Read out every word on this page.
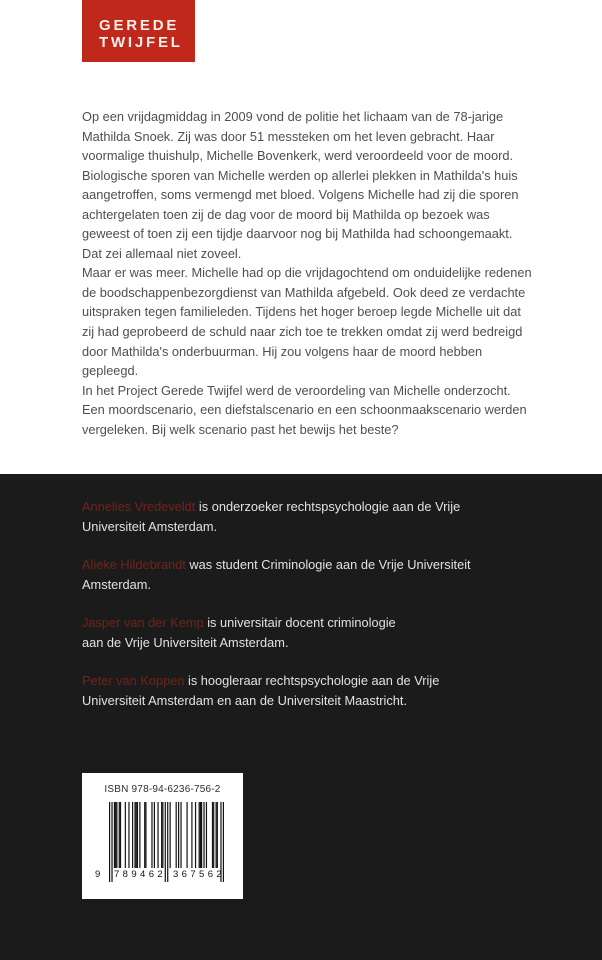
GEREDE
TWIJFEL
Op een vrijdagmiddag in 2009 vond de politie het lichaam van de 78-jarige
Mathilda Snoek. Zij was door 51 messteken om het leven gebracht. Haar
voormalige thuishulp, Michelle Bovenkerk, werd veroordeeld voor de moord.
Biologische sporen van Michelle werden op allerlei plekken in Mathilda's huis
aangetroffen, soms vermengd met bloed. Volgens Michelle had zij die sporen
achtergelaten toen zij de dag voor de moord bij Mathilda op bezoek was
geweest of toen zij een tijdje daarvoor nog bij Mathilda had schoongemaakt.
Dat zei allemaal niet zoveel.
Maar er was meer. Michelle had op die vrijdagochtend om onduidelijke redenen
de boodschappenbezorgdienst van Mathilda afgebeld. Ook deed ze verdachte
uitspraken tegen familieleden. Tijdens het hoger beroep legde Michelle uit dat
zij had geprobeerd de schuld naar zich toe te trekken omdat zij werd bedreigd
door Mathilda's onderbuurman. Hij zou volgens haar de moord hebben
gepleegd.
In het Project Gerede Twijfel werd de veroordeling van Michelle onderzocht.
Een moordscenario, een diefstalscenario en een schoonmaakscenario werden
vergeleken. Bij welk scenario past het bewijs het beste?
Annelies Vredeveldt is onderzoeker rechtspsychologie aan de Vrije
Universiteit Amsterdam.
Alieke Hildebrandt was student Criminologie aan de Vrije Universiteit
Amsterdam.
Jasper van der Kemp is universitair docent criminologie
aan de Vrije Universiteit Amsterdam.
Peter van Koppen is hoogleraar rechtspsychologie aan de Vrije
Universiteit Amsterdam en aan de Universiteit Maastricht.
ISBN 978-94-6236-756-2
9 789462 367562
